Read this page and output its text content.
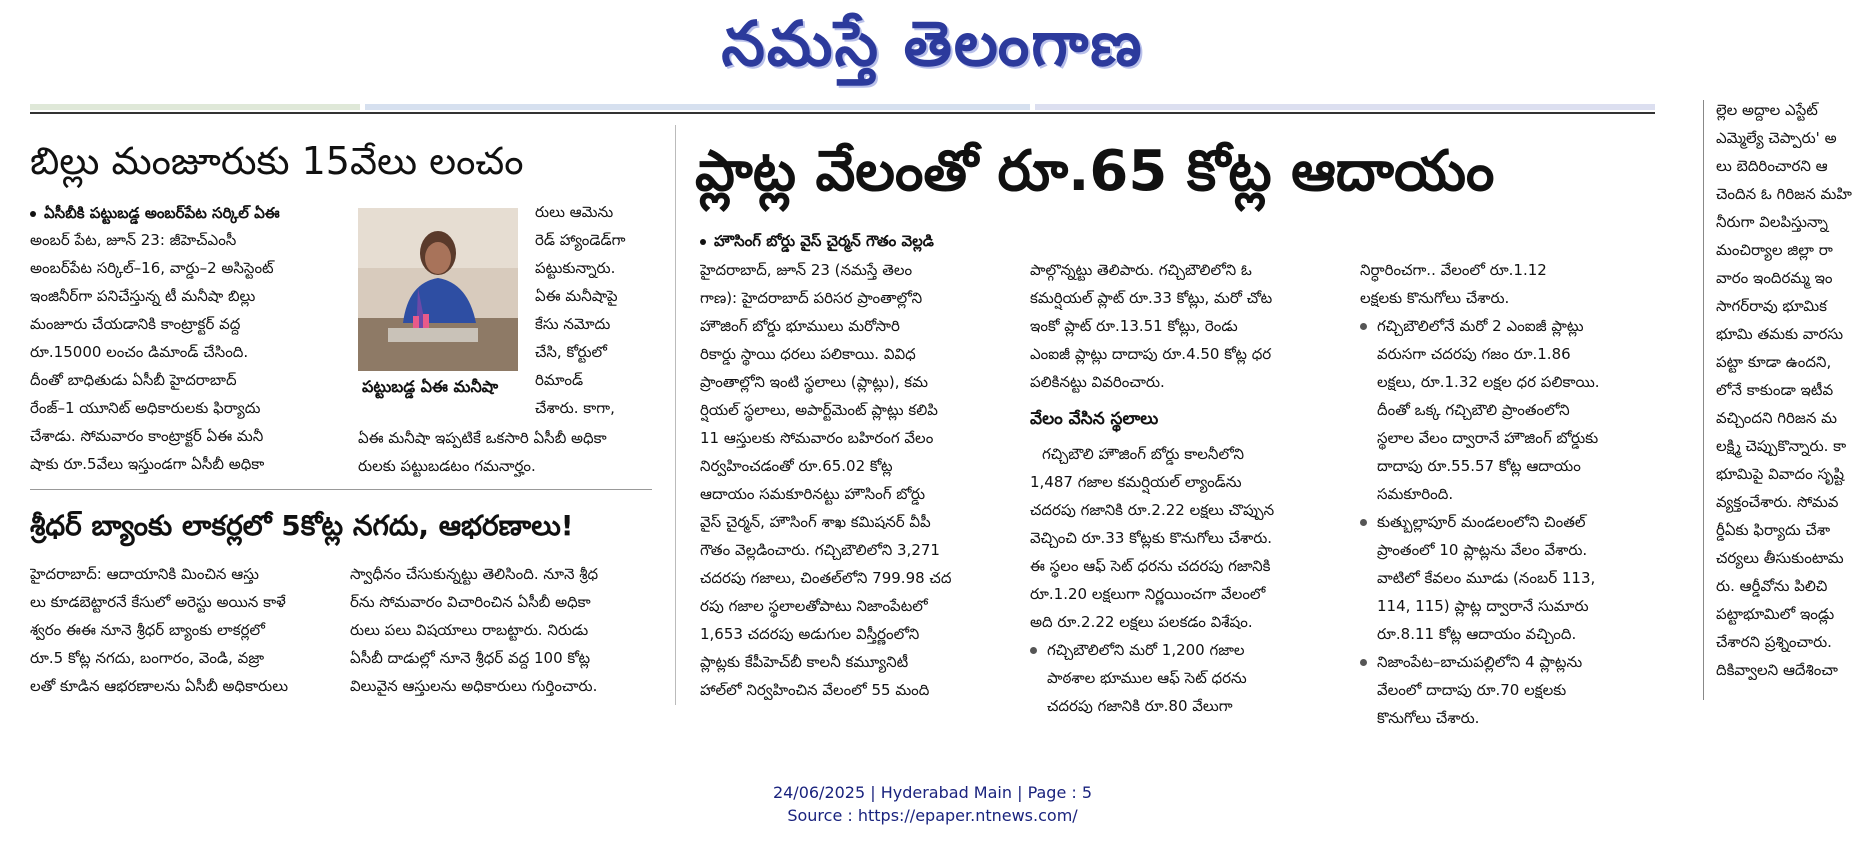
నమస్తే తెలంగాణ
బిల్లు మంజూరుకు 15వేలు లంచం
ఏసీబీకి పట్టుబడ్డ అంబర్‌పేట సర్కిల్ ఏఈ
అంబర్ పేట, జూన్ 23: జీహెచ్ఎంసీ
అంబర్‌పేట సర్కిల్–16, వార్డు–2 అసిస్టెంట్
ఇంజినీర్‌గా పనిచేస్తున్న టీ మనీషా బిల్లు
మంజూరు చేయడానికి కాంట్రాక్టర్ వద్ద
రూ.15000 లంచం డిమాండ్ చేసింది.
దీంతో బాధితుడు ఏసీబీ హైదరాబాద్
రేంజ్–1 యూనిట్ అధికారులకు ఫిర్యాదు
చేశాడు. సోమవారం కాంట్రాక్టర్ ఏఈ మనీ
షాకు రూ.5వేలు ఇస్తుండగా ఏసీబీ అధికా
పట్టుబడ్డ ఏఈ మనీషా
రులు ఆమెను
రెడ్ హ్యాండెడ్‌గా
పట్టుకున్నారు.
ఏఈ మనీషాపై
కేసు నమోదు
చేసి, కోర్టులో
రిమాండ్
చేశారు. కాగా,
ఏఈ మనీషా ఇప్పటికే ఒకసారి ఏసీబీ అధికా
రులకు పట్టుబడటం గమనార్హం.
శ్రీధర్ బ్యాంకు లాకర్లలో 5కోట్ల నగదు, ఆభరణాలు!
హైదరాబాద్: ఆదాయానికి మించిన ఆస్తు
లు కూడబెట్టారనే కేసులో అరెస్టు అయిన కాళే
శ్వరం ఈఈ నూనె శ్రీధర్ బ్యాంకు లాకర్లలో
రూ.5 కోట్ల నగదు, బంగారం, వెండి, వజ్రా
లతో కూడిన ఆభరణాలను ఏసీబీ అధికారులు
స్వాధీనం చేసుకున్నట్టు తెలిసింది. నూనె శ్రీధ
ర్‌ను సోమవారం విచారించిన ఏసీబీ అధికా
రులు పలు విషయాలు రాబట్టారు. నిరుడు
ఏసీబీ దాడుల్లో నూనె శ్రీధర్ వద్ద 100 కోట్ల
విలువైన ఆస్తులను అధికారులు గుర్తించారు.
ప్లాట్ల వేలంతో రూ.65 కోట్ల ఆదాయం
హౌసింగ్ బోర్డు వైస్ చైర్మన్ గౌతం వెల్లడి
హైదరాబాద్, జూన్ 23 (నమస్తే తెలం
గాణ): హైదరాబాద్ పరిసర ప్రాంతాల్లోని
హౌజింగ్ బోర్డు భూములు మరోసారి
రికార్డు స్థాయి ధరలు పలికాయి. వివిధ
ప్రాంతాల్లోని ఇంటి స్థలాలు (ప్లాట్లు), కమ
ర్షియల్ స్థలాలు, అపార్ట్‌మెంట్ ప్లాట్లు కలిపి
11 ఆస్తులకు సోమవారం బహిరంగ వేలం
నిర్వహించడంతో రూ.65.02 కోట్ల
ఆదాయం సమకూరినట్టు హౌసింగ్ బోర్డు
వైస్ చైర్మన్, హౌసింగ్ శాఖ కమిషనర్ వీపీ
గౌతం వెల్లడించారు. గచ్చిబౌలిలోని 3,271
చదరపు గజాలు, చింతల్‌లోని 799.98 చద
రపు గజాల స్థలాలతోపాటు నిజాంపేటలో
1,653 చదరపు అడుగుల విస్తీర్ణంలోని
ప్లాట్లకు కేపీహెచ్‌బీ కాలనీ కమ్యూనిటీ
హాల్‌లో నిర్వహించిన వేలంలో 55 మంది
పాల్గొన్నట్టు తెలిపారు. గచ్చిబౌలిలోని ఓ
కమర్షియల్ ప్లాట్ రూ.33 కోట్లు, మరో చోట
ఇంకో ప్లాట్ రూ.13.51 కోట్లు, రెండు
ఎంఐజీ ప్లాట్లు దాదాపు రూ.4.50 కోట్ల ధర
పలికినట్టు వివరించారు.
వేలం వేసిన స్థలాలు
గచ్చిబౌలి హౌజింగ్ బోర్డు కాలనీలోని
1,487 గజాల కమర్షియల్ ల్యాండ్‌ను
చదరపు గజానికి రూ.2.22 లక్షలు చొప్పున
వెచ్చించి రూ.33 కోట్లకు కొనుగోలు చేశారు.
ఈ స్థలం ఆఫ్ సెట్ ధరను చదరపు గజానికి
రూ.1.20 లక్షలుగా నిర్ణయించగా వేలంలో
అది రూ.2.22 లక్షలు పలకడం విశేషం.
గచ్చిబౌలిలోని మరో 1,200 గజాల
పాఠశాల భూముల ఆఫ్ సెట్ ధరను
చదరపు గజానికి రూ.80 వేలుగా
నిర్ధారించగా.. వేలంలో రూ.1.12
లక్షలకు కొనుగోలు చేశారు.
గచ్చిబౌలిలోనే మరో 2 ఎంఐజీ ప్లాట్లు
వరుసగా చదరపు గజం రూ.1.86
లక్షలు, రూ.1.32 లక్షల ధర పలికాయి.
దీంతో ఒక్క గచ్చిబౌలి ప్రాంతంలోని
స్థలాల వేలం ద్వారానే హౌజింగ్ బోర్డుకు
దాదాపు రూ.55.57 కోట్ల ఆదాయం
సమకూరింది.
కుత్బుల్లాపూర్ మండలంలోని చింతల్
ప్రాంతంలో 10 ప్లాట్లను వేలం వేశారు.
వాటిలో కేవలం మూడు (నంబర్ 113,
114, 115) ప్లాట్ల ద్వారానే సుమారు
రూ.8.11 కోట్ల ఆదాయం వచ్చింది.
నిజాంపేట–బాచుపల్లిలోని 4 ప్లాట్లను
వేలంలో దాదాపు రూ.70 లక్షలకు
కొనుగోలు చేశారు.
ల్లెల అద్దాల ఎస్టేట్
ఎమ్మెల్యే చెప్పారు' అ
లు బెదిరించారని ఆ
చెందిన ఓ గిరిజన మహి
నీరుగా విలపిస్తున్నా
మంచిర్యాల జిల్లా రా
వారం ఇందిరమ్మ ఇం
సాగర్‌రావు భూమిక
భూమి తమకు వారసు
పట్టా కూడా ఉందని,
లోనే కాకుండా ఇటీవ
వచ్చిందని గిరిజన మ
లక్ష్మి చెప్పుకొన్నారు. కా
భూమిపై వివాదం సృష్టి
వ్యక్తంచేశారు. సోమవ
ర్డీఏకు ఫిర్యాదు చేశా
చర్యలు తీసుకుంటామ
రు. ఆర్డీవోను పిలిచి
పట్టాభూమిలో ఇండ్లు
చేశారని ప్రశ్నించారు.
దికివ్వాలని ఆదేశించా
24/06/2025 | Hyderabad Main | Page : 5
Source : https://epaper.ntnews.com/
